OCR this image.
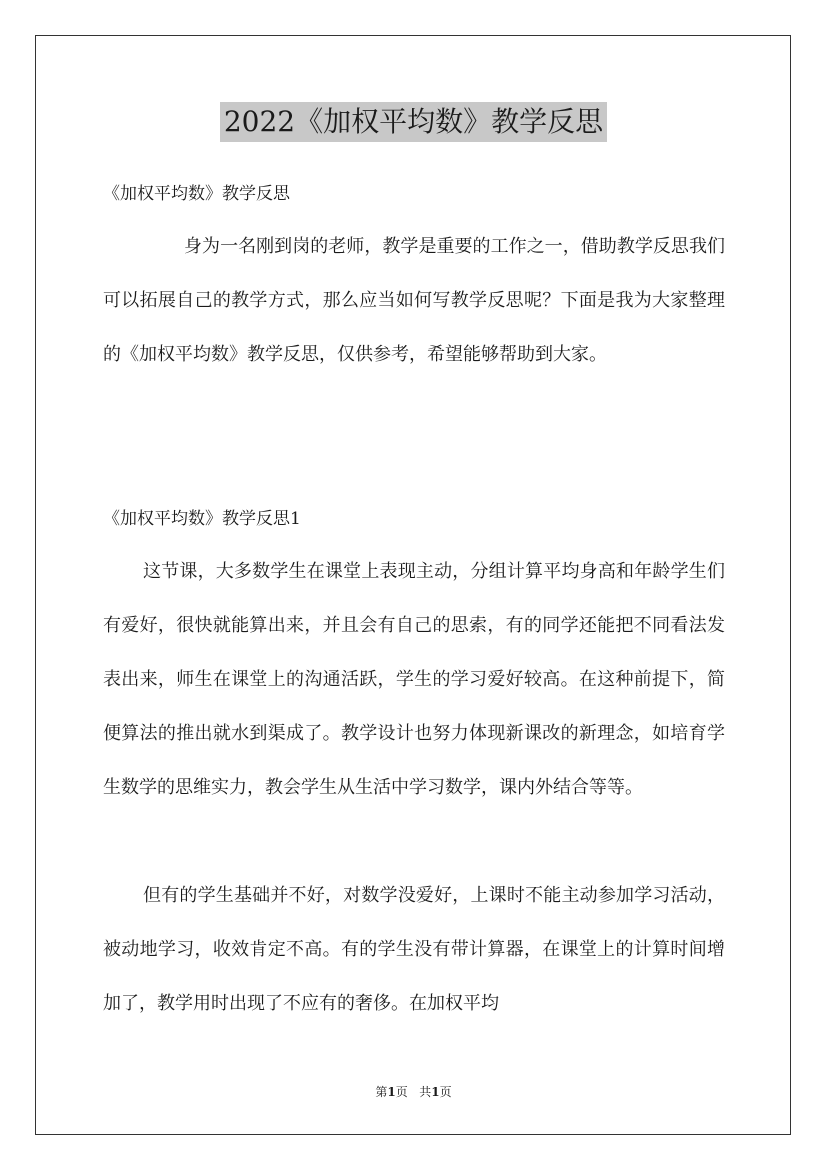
2022《加权平均数》教学反思
《加权平均数》教学反思

身为一名刚到岗的老师，教学是重要的工作之一，借助教学反思我们可以拓展自己的教学方式，那么应当如何写教学反思呢？下面是我为大家整理的《加权平均数》教学反思，仅供参考，希望能够帮助到大家。

《加权平均数》教学反思1

这节课，大多数学生在课堂上表现主动，分组计算平均身高和年龄学生们有爱好，很快就能算出来，并且会有自己的思索，有的同学还能把不同看法发表出来，师生在课堂上的沟通活跃，学生的学习爱好较高。在这种前提下，简便算法的推出就水到渠成了。教学设计也努力体现新课改的新理念，如培育学生数学的思维实力，教会学生从生活中学习数学，课内外结合等等。

但有的学生基础并不好，对数学没爱好，上课时不能主动参加学习活动，被动地学习，收效肯定不高。有的学生没有带计算器，在课堂上的计算时间增加了，教学用时出现了不应有的奢侈。在加权平均

第1页 共1页
